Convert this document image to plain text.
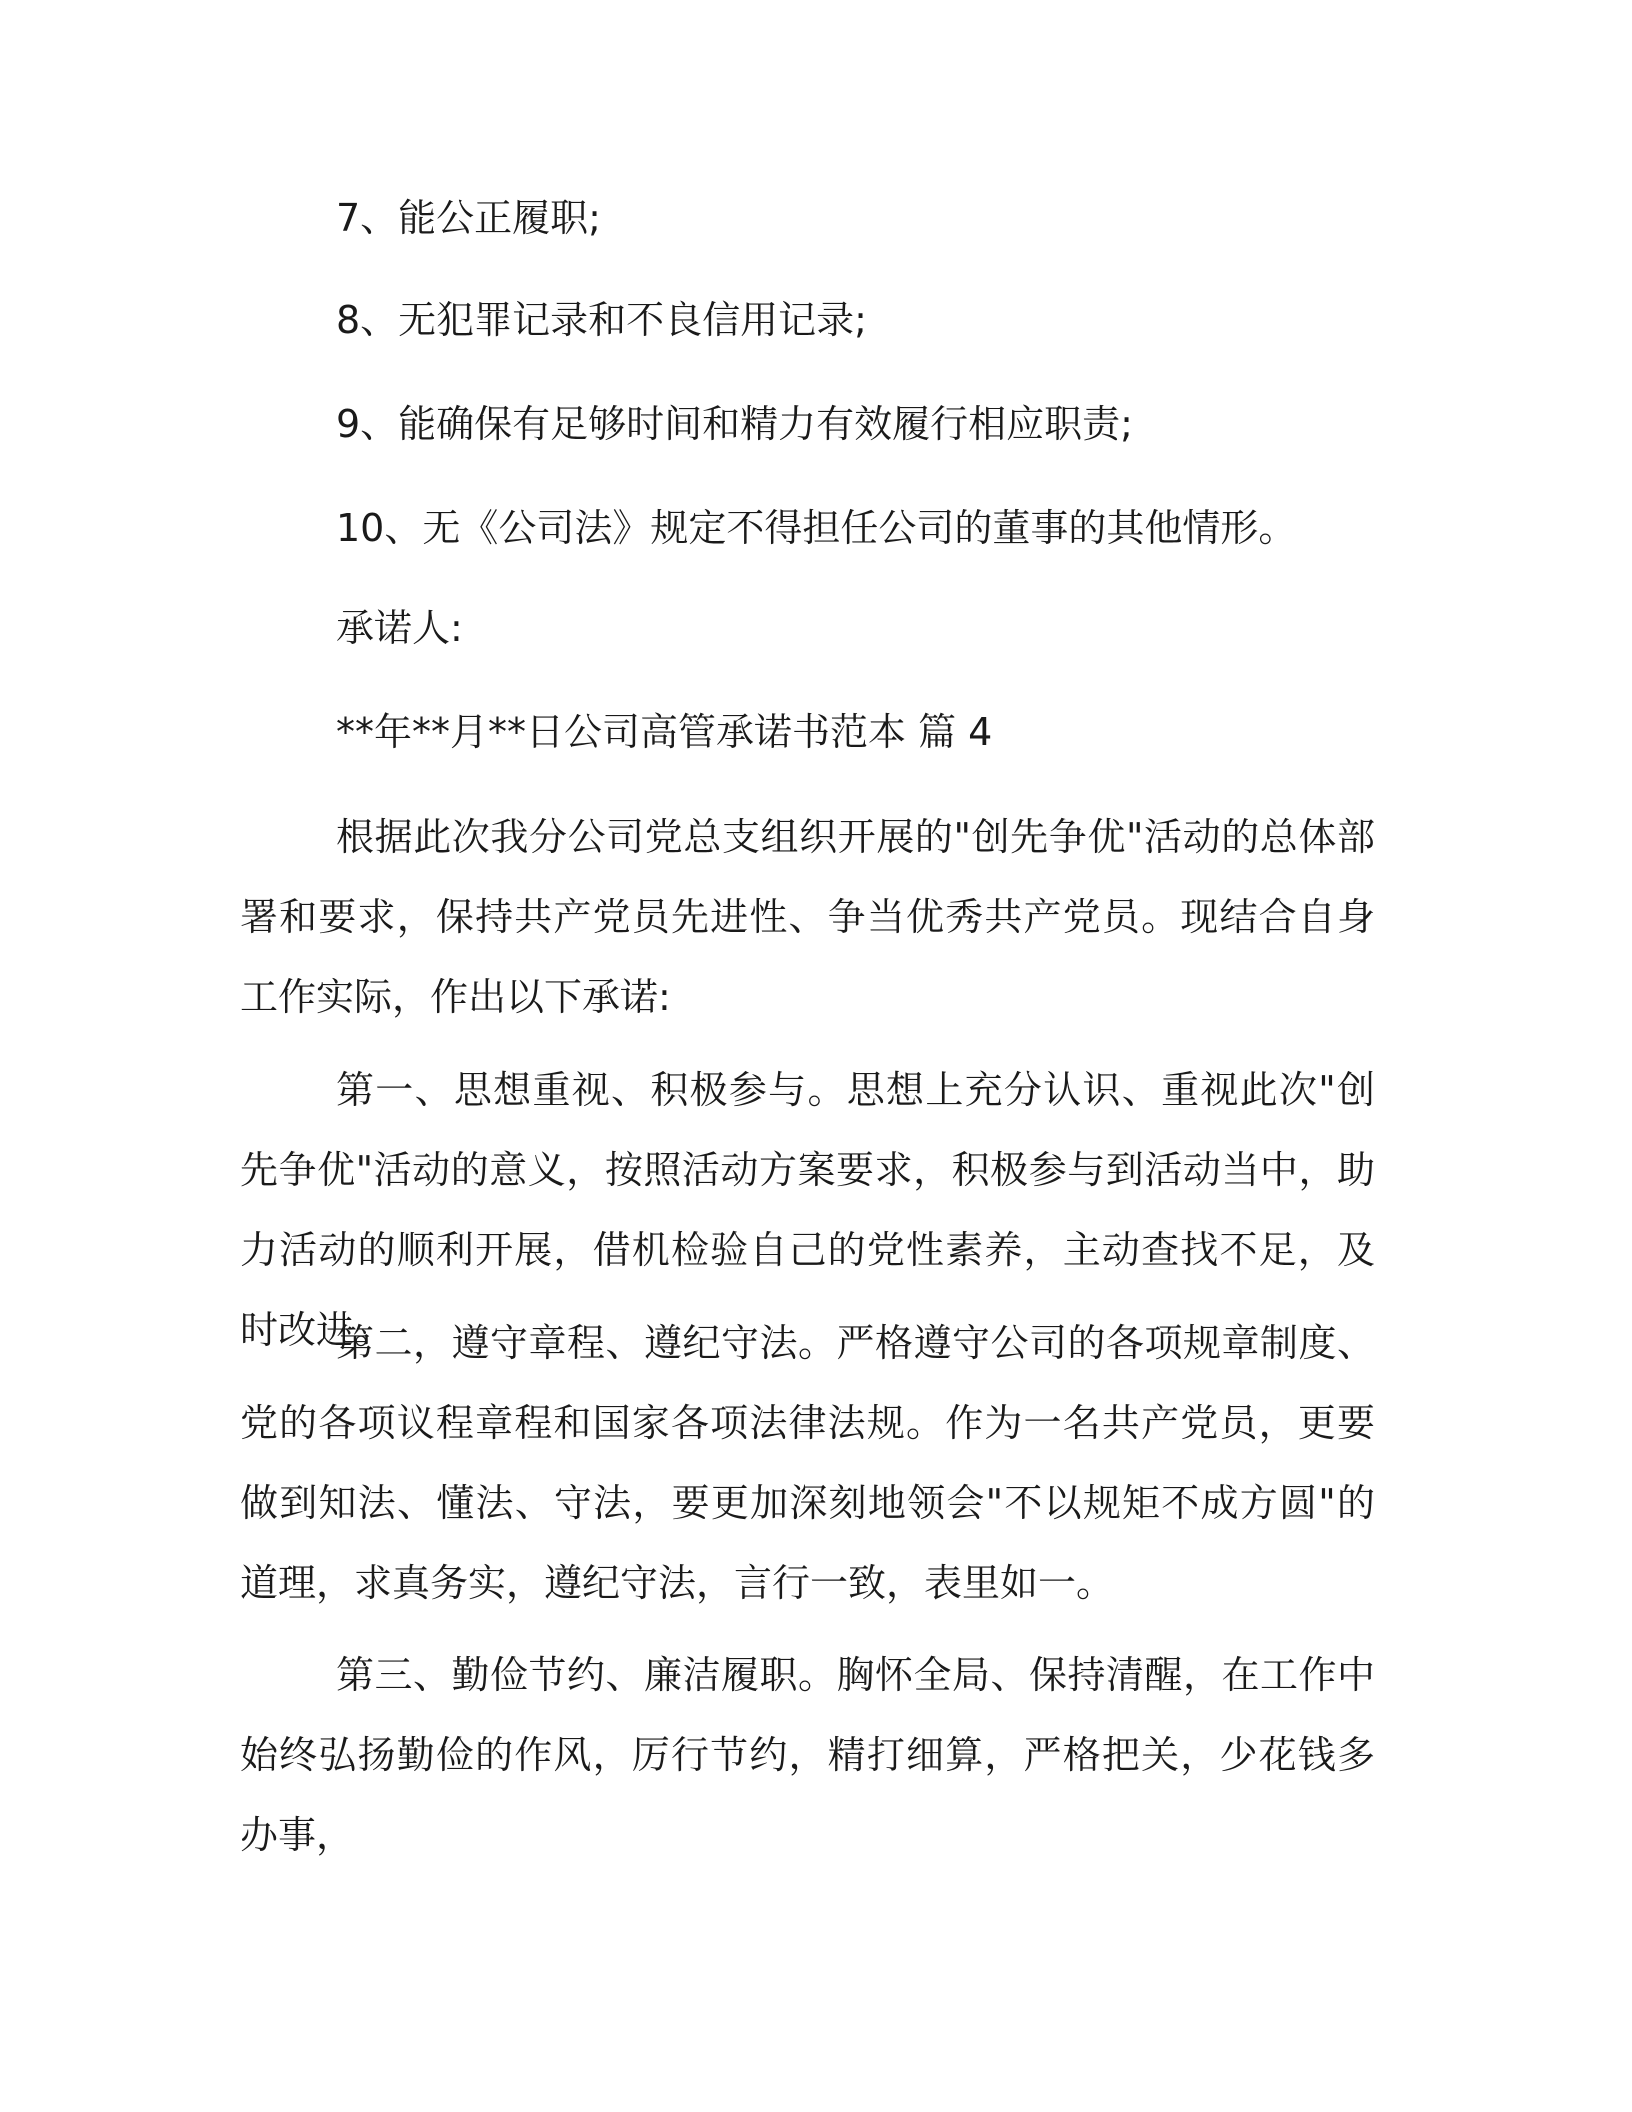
7、能公正履职;
8、无犯罪记录和不良信用记录;
9、能确保有足够时间和精力有效履行相应职责;
10、无《公司法》规定不得担任公司的董事的其他情形。
承诺人:
**年**月**日公司高管承诺书范本 篇 4

根据此次我分公司党总支组织开展的"创先争优"活动的总体部署和要求，保持共产党员先进性、争当优秀共产党员。现结合自身工作实际，作出以下承诺:

第一、思想重视、积极参与。思想上充分认识、重视此次"创先争优"活动的意义，按照活动方案要求，积极参与到活动当中，助力活动的顺利开展，借机检验自己的党性素养，主动查找不足，及时改进。

第二，遵守章程、遵纪守法。严格遵守公司的各项规章制度、党的各项议程章程和国家各项法律法规。作为一名共产党员，更要做到知法、懂法、守法，要更加深刻地领会"不以规矩不成方圆"的道理，求真务实，遵纪守法，言行一致，表里如一。

第三、勤俭节约、廉洁履职。胸怀全局、保持清醒，在工作中始终弘扬勤俭的作风，厉行节约，精打细算，严格把关，少花钱多办事，
